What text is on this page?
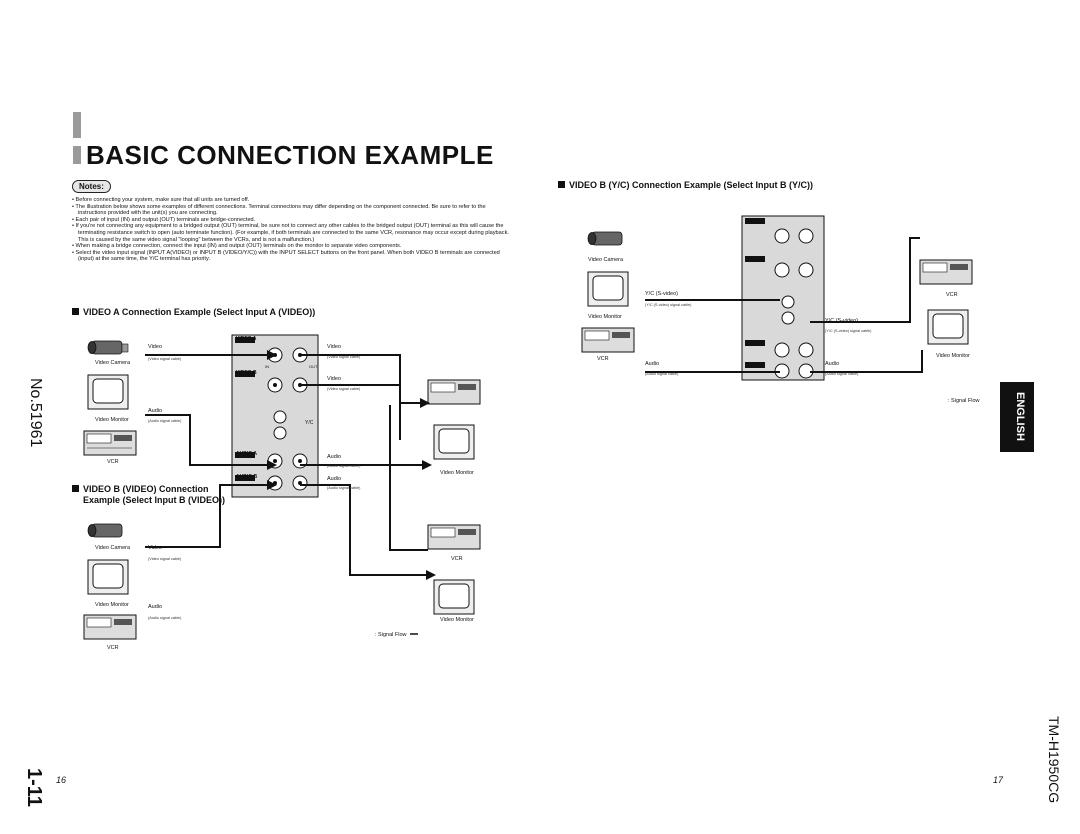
BASIC CONNECTION EXAMPLE
Notes:
• Before connecting your system, make sure that all units are turned off.
• The illustration below shows some examples of different connections. Terminal connections may differ depending on the component connected. Be sure to refer to the instructions provided with the unit(s) you are connecting.
• Each pair of input (IN) and output (OUT) terminals are bridge-connected.
• If you're not connecting any equipment to a bridged output (OUT) terminal, be sure not to connect any other cables to the bridged output (OUT) terminal as this will cause the terminating resistance switch to open (auto terminate function). (For example, if both terminals are connected to the same VCR, resonance may occur except during playback. This is caused by the same video signal "looping" between the VCRs, and is not a malfunction.)
• When making a bridge connection, connect the input (IN) and output (OUT) terminals on the monitor to separate video components.
• Select the video input signal (INPUT A(VIDEO) or INPUT B (VIDEO/Y/C)) with the INPUT SELECT buttons on the front panel. When both VIDEO B terminals are connected (input) at the same time, the Y/C terminal has priority.
VIDEO A Connection Example (Select Input A (VIDEO))
VIDEO B (VIDEO) Connection
Example (Select Input B (VIDEO))
VIDEO B (Y/C) Connection Example (Select Input B (Y/C))
No.51961
1-11 16	17	TM-H1950CG
ENGLISH
Video Camera
Video Monitor
VCR
Video
(Video signal cable)
Audio
(Audio signal cable)
Video
(Video signal cable)
Video
(Video signal cable)
Audio
(Audio signal cable)
Audio
(Audio signal cable)
Video Monitor
VCR
Video Monitor
Video Camera	Video
(Video signal cable)
Video Monitor	Audio
(Audio signal cable)
VCR
: Signal Flow
VIDEO A
VIDEO B
AUDIO A
AUDIO B
Y/C
IN	OUT
Video Camera
Video Monitor
VCR
Y/C (S-video)
(Y/C (S-video) signal cable)
Audio
(Audio signal cable)
Y/C (S-video)
(Y/C (S-video) signal cable)
Audio
(Audio signal cable)
VCR
Video Monitor
: Signal Flow
